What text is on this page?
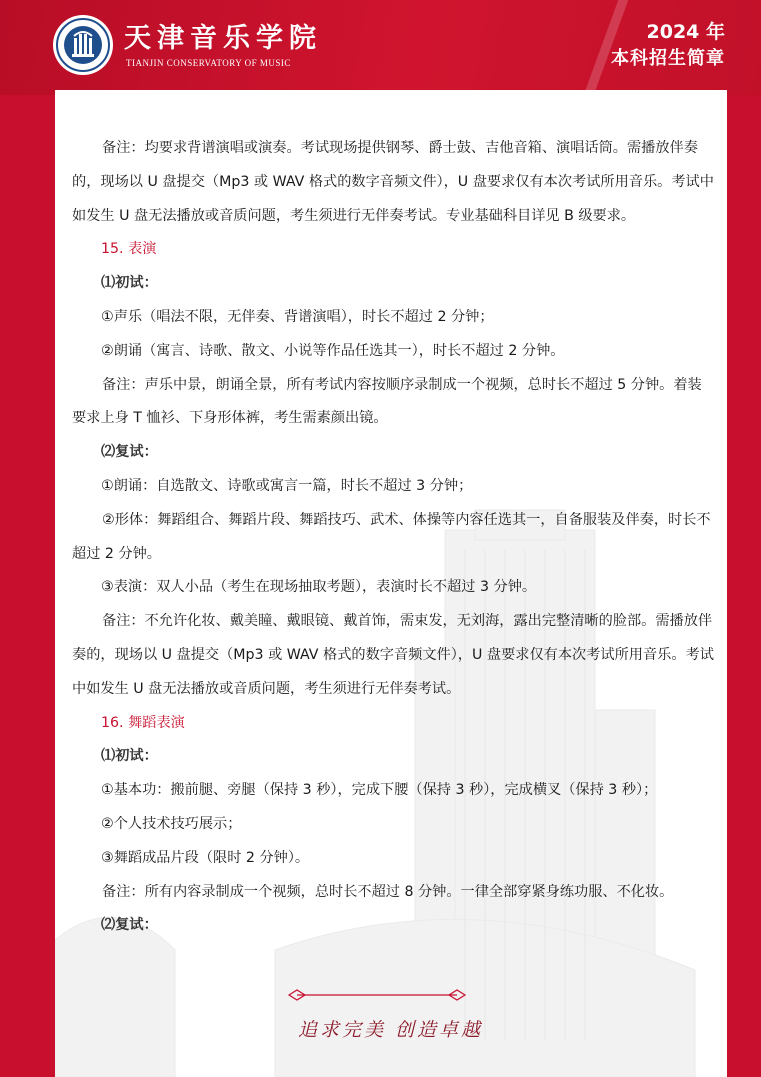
天津音乐学院
TIANJIN CONSERVATORY OF MUSIC
2024 年
本科招生简章

备注：均要求背谱演唱或演奏。考试现场提供钢琴、爵士鼓、吉他音箱、演唱话筒。需播放伴奏的，现场以 U 盘提交（Mp3 或 WAV 格式的数字音频文件），U 盘要求仅有本次考试所用音乐。考试中如发生 U 盘无法播放或音质问题，考生须进行无伴奏考试。专业基础科目详见 B 级要求。

15. 表演

⑴初试：

①声乐（唱法不限，无伴奏、背谱演唱），时长不超过 2 分钟；

②朗诵（寓言、诗歌、散文、小说等作品任选其一），时长不超过 2 分钟。

备注：声乐中景，朗诵全景，所有考试内容按顺序录制成一个视频，总时长不超过 5 分钟。着装要求上身 T 恤衫、下身形体裤，考生需素颜出镜。

⑵复试：

①朗诵：自选散文、诗歌或寓言一篇，时长不超过 3 分钟；

②形体：舞蹈组合、舞蹈片段、舞蹈技巧、武术、体操等内容任选其一，自备服装及伴奏，时长不超过 2 分钟。

③表演：双人小品（考生在现场抽取考题），表演时长不超过 3 分钟。

备注：不允许化妆、戴美瞳、戴眼镜、戴首饰，需束发，无刘海，露出完整清晰的脸部。需播放伴奏的，现场以 U 盘提交（Mp3 或 WAV 格式的数字音频文件），U 盘要求仅有本次考试所用音乐。考试中如发生 U 盘无法播放或音质问题，考生须进行无伴奏考试。

16. 舞蹈表演

⑴初试：

①基本功：搬前腿、旁腿（保持 3 秒），完成下腰（保持 3 秒），完成横叉（保持 3 秒）；

②个人技术技巧展示；

③舞蹈成品片段（限时 2 分钟）。

备注：所有内容录制成一个视频，总时长不超过 8 分钟。一律全部穿紧身练功服、不化妆。

⑵复试：

追求完美 创造卓越
